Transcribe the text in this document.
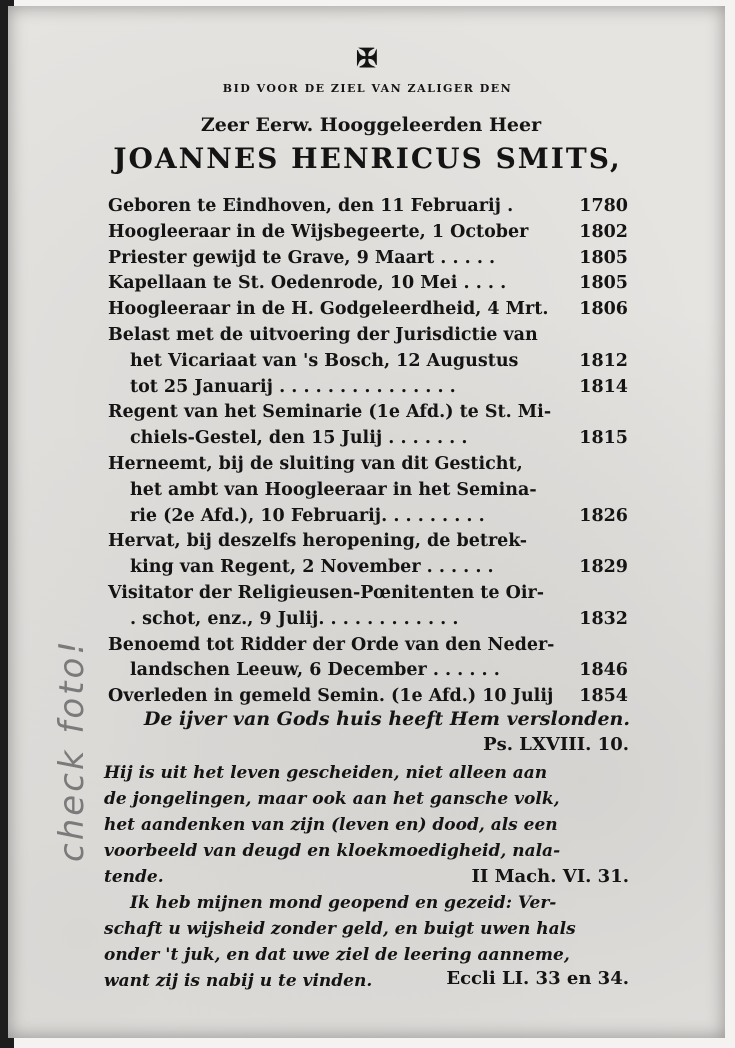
✠
BID VOOR DE ZIEL VAN ZALIGER DEN
Zeer Eerw. Hooggeleerden Heer
JOANNES HENRICUS SMITS,
Geboren te Eindhoven, den 11 Februarij .	1780
Hoogleeraar in de Wijsbegeerte, 1 October	1802
Priester gewijd te Grave, 9 Maart . . . . .	1805
Kapellaan te St. Oedenrode, 10 Mei . . . .	1805
Hoogleeraar in de H. Godgeleerdheid, 4 Mrt. 1806
Belast met de uitvoering der Jurisdictie van
het Vicariaat van 's Bosch, 12 Augustus	1812
tot 25 Januarij . . . . . . . . . . . . . . .	1814
Regent van het Seminarie (1e Afd.) te St. Mi-
chiels-Gestel, den 15 Julij . . . . . . .	1815
Herneemt, bij de sluiting van dit Gesticht,
het ambt van Hoogleeraar in het Semina-
rie (2e Afd.), 10 Februarij. . . . . . . . .	1826
Hervat, bij deszelfs heropening, de betrek-
king van Regent, 2 November . . . . . .	1829
Visitator der Religieusen-Pœnitenten te Oir-
. schot, enz., 9 Julij. . . . . . . . . . . .	1832
Benoemd tot Ridder der Orde van den Neder-
landschen Leeuw, 6 December . . . . . .	1846
Overleden in gemeld Semin. (1e Afd.) 10 Julij 1854
De ijver van Gods huis heeft Hem verslonden.
Ps. LXVIII. 10.
Hij is uit het leven gescheiden, niet alleen aan
de jongelingen, maar ook aan het gansche volk,
het aandenken van zijn (leven en) dood, als een
voorbeeld van deugd en kloekmoedigheid, nala-
tende.	II Mach. VI. 31.
Ik heb mijnen mond geopend en gezeid: Ver-
schaft u wijsheid zonder geld, en buigt uwen hals
onder 't juk, en dat uwe ziel de leering aanneme,
want zij is nabij u te vinden.	Eccli LI. 33 en 34.
check foto!
